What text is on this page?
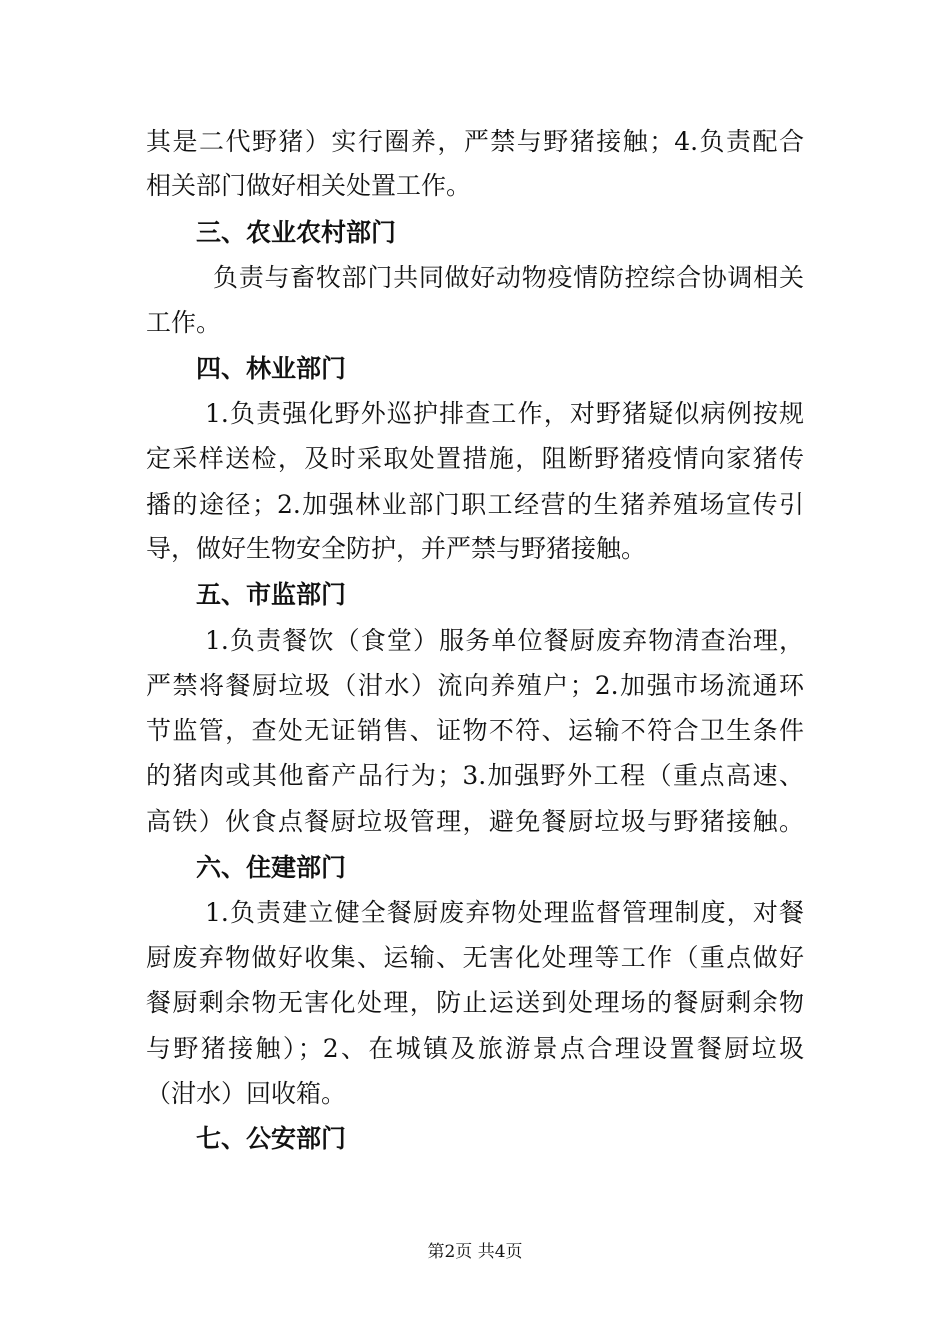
其是二代野猪）实行圈养，严禁与野猪接触；4.负责配合
相关部门做好相关处置工作。
三、农业农村部门
负责与畜牧部门共同做好动物疫情防控综合协调相关
工作。
四、林业部门
1.负责强化野外巡护排查工作，对野猪疑似病例按规
定采样送检，及时采取处置措施，阻断野猪疫情向家猪传
播的途径；2.加强林业部门职工经营的生猪养殖场宣传引
导，做好生物安全防护，并严禁与野猪接触。
五、市监部门
1.负责餐饮（食堂）服务单位餐厨废弃物清查治理，
严禁将餐厨垃圾（泔水）流向养殖户；2.加强市场流通环
节监管，查处无证销售、证物不符、运输不符合卫生条件
的猪肉或其他畜产品行为；3.加强野外工程（重点高速、
高铁）伙食点餐厨垃圾管理，避免餐厨垃圾与野猪接触。
六、住建部门
1.负责建立健全餐厨废弃物处理监督管理制度，对餐
厨废弃物做好收集、运输、无害化处理等工作（重点做好
餐厨剩余物无害化处理，防止运送到处理场的餐厨剩余物
与野猪接触）；2、在城镇及旅游景点合理设置餐厨垃圾
（泔水）回收箱。
七、公安部门
第2页 共4页
